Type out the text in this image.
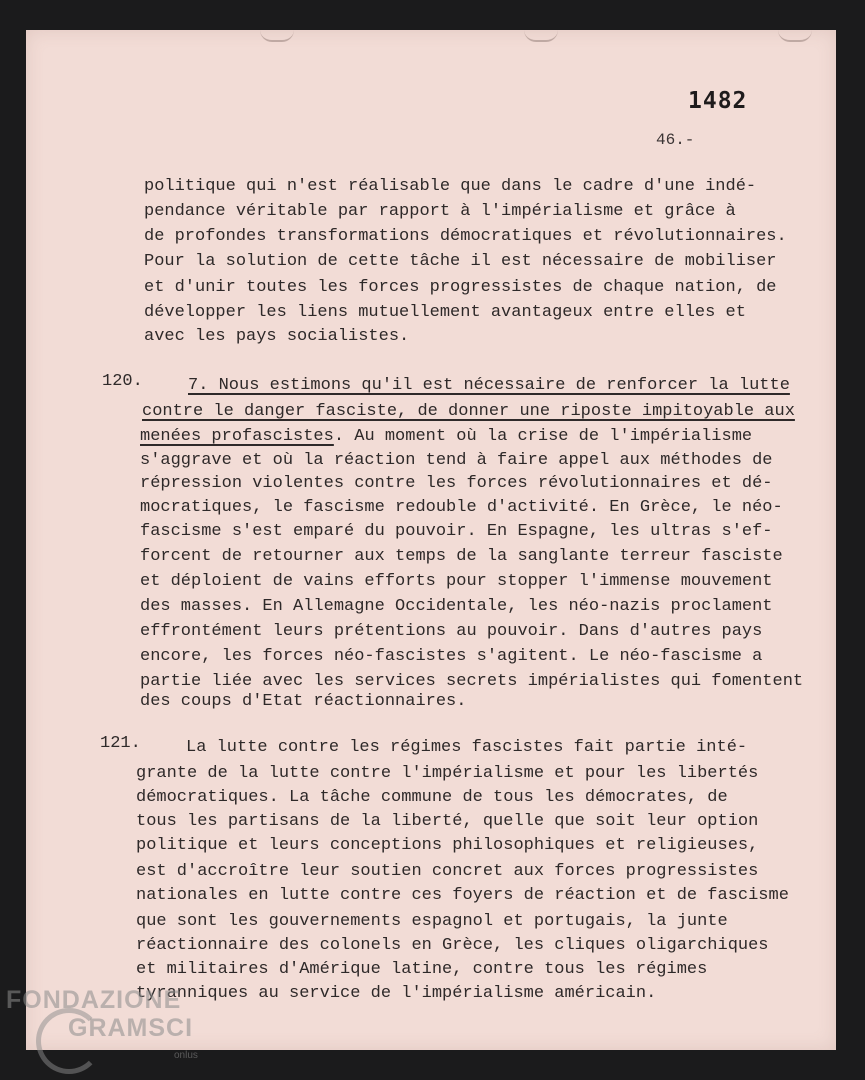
1482
46.-
politique qui n'est réalisable que dans le cadre d'une indé-
pendance véritable par rapport à l'impérialisme et grâce à
de profondes transformations démocratiques et révolutionnaires.
Pour la solution de cette tâche il est nécessaire de mobiliser
et d'unir toutes les forces progressistes de chaque nation, de
développer les liens mutuellement avantageux entre elles et
avec les pays socialistes.
120.	7. Nous estimons qu'il est nécessaire de renforcer la lutte
contre le danger fasciste, de donner une riposte impitoyable aux
menées profascistes. Au moment où la crise de l'impérialisme
s'aggrave et où la réaction tend à faire appel aux méthodes de
répression violentes contre les forces révolutionnaires et dé-
mocratiques, le fascisme redouble d'activité. En Grèce, le néo-
fascisme s'est emparé du pouvoir. En Espagne, les ultras s'ef-
forcent de retourner aux temps de la sanglante terreur fasciste
et déploient de vains efforts pour stopper l'immense mouvement
des masses. En Allemagne Occidentale, les néo-nazis proclament
effrontément leurs prétentions au pouvoir. Dans d'autres pays
encore, les forces néo-fascistes s'agitent. Le néo-fascisme a
partie liée avec les services secrets impérialistes qui fomentent
des coups d'Etat réactionnaires.
121.	La lutte contre les régimes fascistes fait partie inté-
grante de la lutte contre l'impérialisme et pour les libertés
démocratiques. La tâche commune de tous les démocrates, de
tous les partisans de la liberté, quelle que soit leur option
politique et leurs conceptions philosophiques et religieuses,
est d'accroître leur soutien concret aux forces progressistes
nationales en lutte contre ces foyers de réaction et de fascisme
que sont les gouvernements espagnol et portugais, la junte
réactionnaire des colonels en Grèce, les cliques oligarchiques
et militaires d'Amérique latine, contre tous les régimes
tyranniques au service de l'impérialisme américain.
FONDAZIONE
GRAMSCI
onlus
